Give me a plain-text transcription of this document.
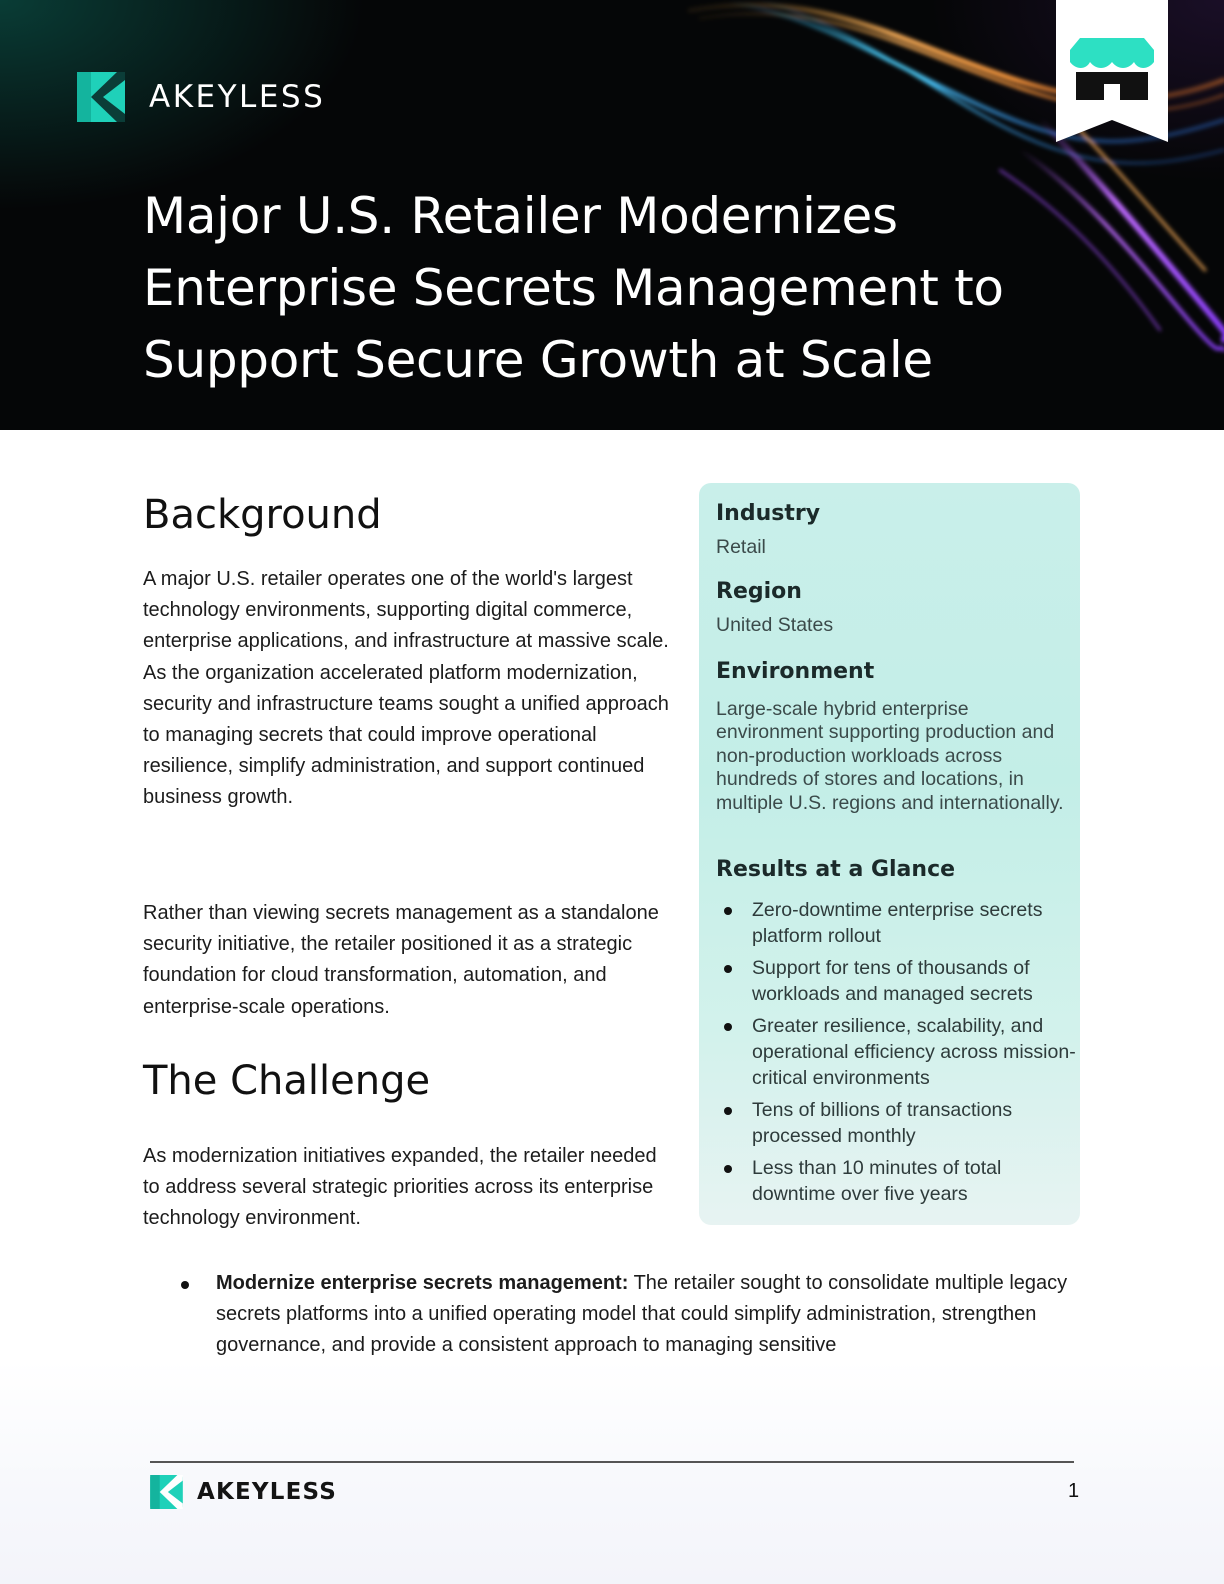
AKEYLESS
Major U.S. Retailer Modernizes
Enterprise Secrets Management to
Support Secure Growth at Scale
Background

A major U.S. retailer operates one of the world's largest technology environments, supporting digital commerce, enterprise applications, and infrastructure at massive scale. As the organization accelerated platform modernization, security and infrastructure teams sought a unified approach to managing secrets that could improve operational resilience, simplify administration, and support continued business growth.

Rather than viewing secrets management as a standalone security initiative, the retailer positioned it as a strategic foundation for cloud transformation, automation, and enterprise-scale operations.

The Challenge

As modernization initiatives expanded, the retailer needed to address several strategic priorities across its enterprise technology environment.

Industry

Retail

Region

United States

Environment

Large-scale hybrid enterprise environment supporting production and non-production workloads across hundreds of stores and locations, in multiple U.S. regions and internationally.

Results at a Glance
Zero-downtime enterprise secrets platform rollout
Support for tens of thousands of workloads and managed secrets
Greater resilience, scalability, and operational efficiency across mission-critical environments
Tens of billions of transactions processed monthly
Less than 10 minutes of total downtime over five years

Modernize enterprise secrets management: The retailer sought to consolidate multiple legacy secrets platforms into a unified operating model that could simplify administration, strengthen governance, and provide a consistent approach to managing sensitive

AKEYLESS	1
